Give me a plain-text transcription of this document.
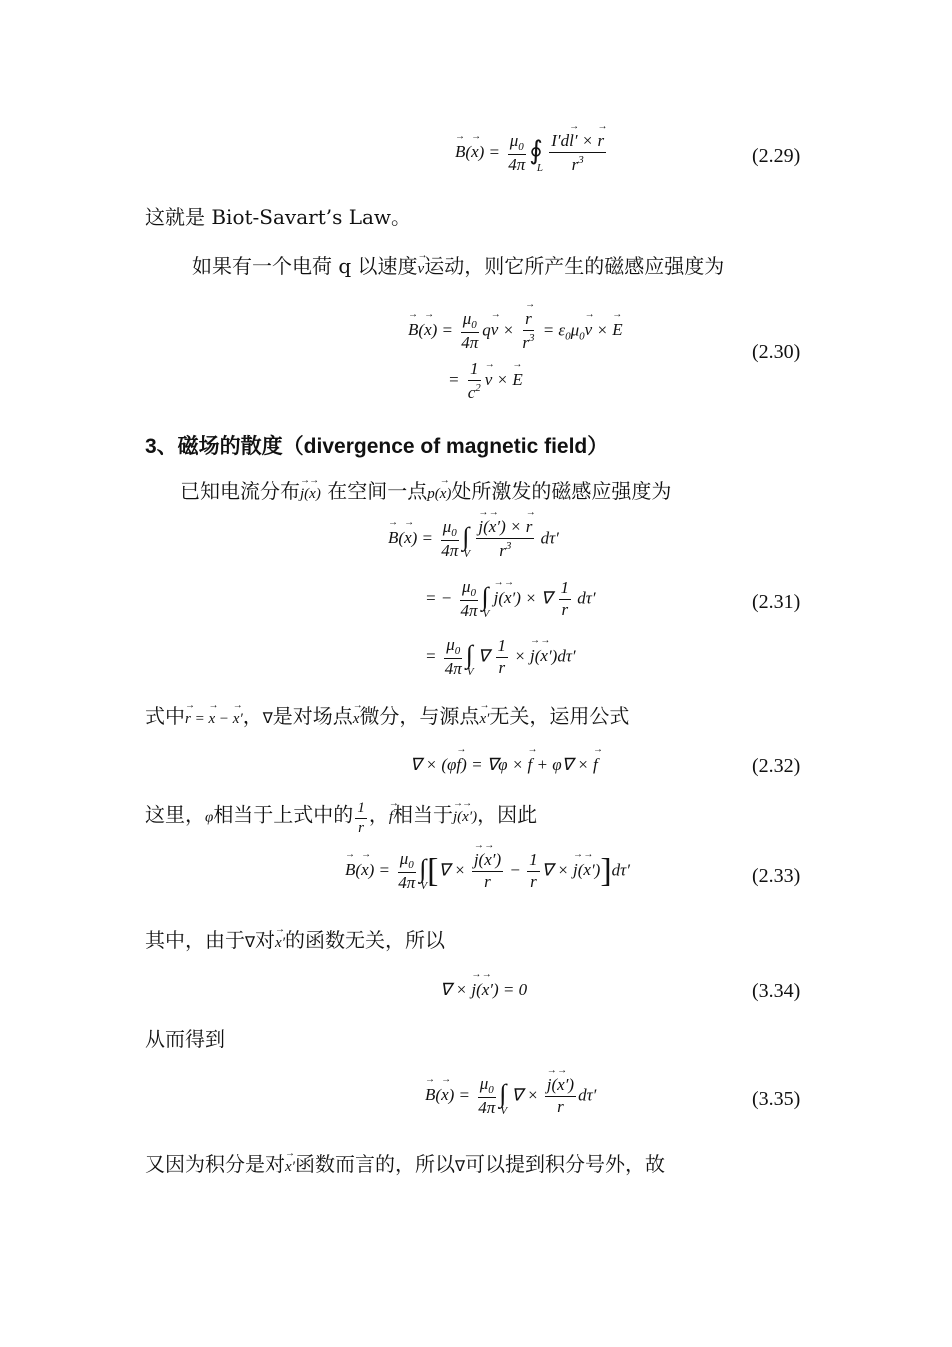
→ $B(\to x) = \frac{\mu_0}{4\pi}$ $∮_L \frac{I'd\to l' \times \to r}{r^3}$	(2.29)
这就是 Biot-Savart’s Law。
如果有一个电荷 q 以速度→ v运动，则它所产生的磁感应强度为
→ $B(\to x) = \frac{\mu_0}{4\pi} q\to v$ ×
→ $\frac{r}{r^3} = \varepsilon_0\mu_0\to v$ × → E
= $\frac{1}{c^2}$
→ v × → E
(2.30)
3、磁场的散度（divergence of magnetic field）
已知电流分布→ j(→ x) 在空间一点p(→ x)处所激发的磁感应强度为
→ $B(\to x) = \frac{\mu_0}{4\pi} \int_V$
→ $\frac{j(\to x') \times \to r}{r^3} d\tau'$
= − $\frac{\mu_0}{4\pi} \int_V \to j(\to x')$ × ∇ $\frac{1}{r} d\tau'$
= $\frac{\mu_0}{4\pi} \int_V$ ∇ $\frac{1}{r}$ × → j(→ x′)dτ′
(2.31)
式中→ r = → x − → x′，∇是对场点→ x微分，与源点→ x′无关，运用公式
∇ × (φ→ f) = ∇φ × → f + φ∇ × → f	(2.32)
这里，φ相当于上式中的 $\frac{1}{r}$ ，→ f相当于→ j(→ x′)，因此
→ $B(\to x) = \frac{\mu_0}{4\pi} \int_V[\nabla$ ×
→ $\frac{j(\to x')}{r} - \frac{1}{r}$ ∇ × → j(→ x′)]dτ′	(2.33)
其中，由于∇对→ x′的函数无关，所以
∇ × → j(→ x′) = 0	(3.34)
从而得到
→ $B(\to x) = \frac{\mu_0}{4\pi} \int_V$ ∇ ×
→ $\frac{j(\to x')}{r} d\tau'$	(3.35)
又因为积分是对→ x′函数而言的，所以∇可以提到积分号外，故
